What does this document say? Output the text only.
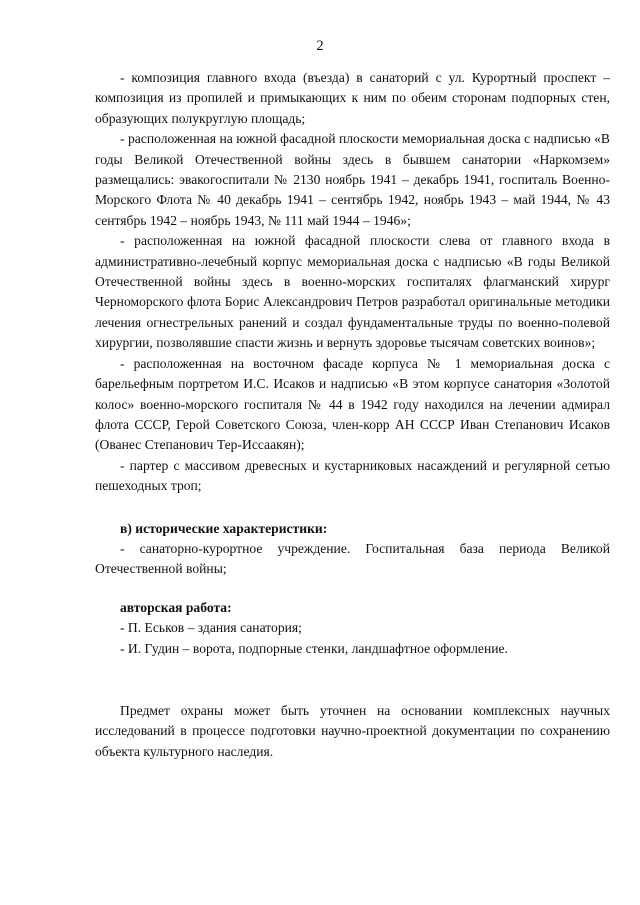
2

- композиция главного входа (въезда) в санаторий с ул. Курортный проспект – композиция из пропилей и примыкающих к ним по обеим сторонам подпорных стен, образующих полукруглую площадь;

- расположенная на южной фасадной плоскости мемориальная доска с надписью «В годы Великой Отечественной войны здесь в бывшем санатории «Наркомзем» размещались: эвакогоспитали № 2130 ноябрь 1941 – декабрь 1941, госпиталь Военно-Морского Флота № 40 декабрь 1941 – сентябрь 1942, ноябрь 1943 – май 1944, № 43 сентябрь 1942 – ноябрь 1943, № 111 май 1944 – 1946»;

- расположенная на южной фасадной плоскости слева от главного входа в административно-лечебный корпус мемориальная доска с надписью «В годы Великой Отечественной войны здесь в военно-морских госпиталях флагманский хирург Черноморского флота Борис Александрович Петров разработал оригинальные методики лечения огнестрельных ранений и создал фундаментальные труды по военно-полевой хирургии, позволявшие спасти жизнь и вернуть здоровье тысячам советских воинов»;

- расположенная на восточном фасаде корпуса № 1 мемориальная доска с барельефным портретом И.С. Исаков и надписью «В этом корпусе санатория «Золотой колос» военно-морского госпиталя № 44 в 1942 году находился на лечении адмирал флота СССР, Герой Советского Союза, член-корр АН СССР Иван Степанович Исаков (Ованес Степанович Тер-Иссаакян);

- партер с массивом древесных и кустарниковых насаждений и регулярной сетью пешеходных троп;

в) исторические характеристики:

- санаторно-курортное учреждение. Госпитальная база периода Великой Отечественной войны;

авторская работа:

- П. Еськов – здания санатория;

- И. Гудин – ворота, подпорные стенки, ландшафтное оформление.

Предмет охраны может быть уточнен на основании комплексных научных исследований в процессе подготовки научно-проектной документации по сохранению объекта культурного наследия.
